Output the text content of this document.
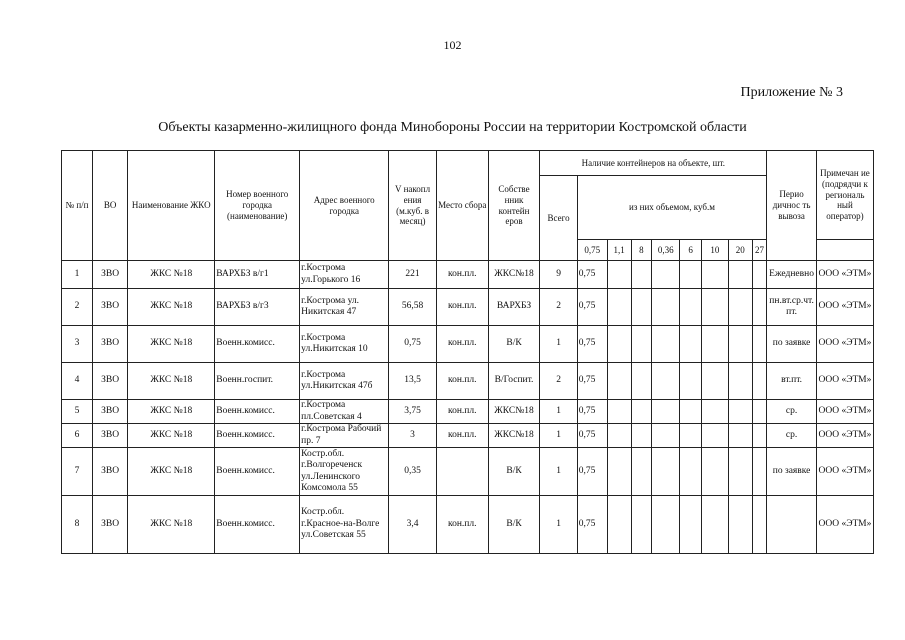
102
Приложение № 3
Объекты казарменно-жилищного фонда Минобороны России на территории Костромской области
№ п/п	ВО	Наименование ЖКО	Номер военного городка (наименование)	Адрес военного городка	V накопл ения (м.куб. в месяц)	Место сбора	Собстве нник контейн еров	Наличие контейнеров на объекте, шт.									Перио дичнос ть вывоза	Примечан ие (подрядчи к региональ ный оператор)
								Всего	из них объемом, куб.м									
									0,75	1,1	8	0,36	6	10	20	27		
1	ЗВО	ЖКС №18	ВАРХБЗ в/г1	г.Кострома ул.Горького 16	221	кон.пл.	ЖКС№18	9	0,75								Ежедневно	ООО «ЭТМ»
2	ЗВО	ЖКС №18	ВАРХБЗ в/г3	г.Кострома ул. Никитская 47	56,58	кон.пл.	ВАРХБЗ	2	0,75								пн.вт.ср.чт.пт.	ООО «ЭТМ»
3	ЗВО	ЖКС №18	Военн.комисс.	г.Кострома ул.Никитская 10	0,75	кон.пл.	В/К	1	0,75								по заявке	ООО «ЭТМ»
4	ЗВО	ЖКС №18	Военн.госпит.	г.Кострома ул.Никитская 47б	13,5	кон.пл.	В/Госпит.	2	0,75								вт.пт.	ООО «ЭТМ»
5	ЗВО	ЖКС №18	Военн.комисс.	г.Кострома пл.Советская 4	3,75	кон.пл.	ЖКС№18	1	0,75								ср.	ООО «ЭТМ»
6	ЗВО	ЖКС №18	Военн.комисс.	г.Кострома Рабочий пр. 7	3	кон.пл.	ЖКС№18	1	0,75								ср.	ООО «ЭТМ»
7	ЗВО	ЖКС №18	Военн.комисс.	Костр.обл. г.Волгореченск ул.Ленинского Комсомола 55	0,35		В/К	1	0,75								по заявке	ООО «ЭТМ»
8	ЗВО	ЖКС №18	Военн.комисс.	Костр.обл. г.Красное-на-Волге ул.Советская 55	3,4	кон.пл.	В/К	1	0,75									ООО «ЭТМ»
